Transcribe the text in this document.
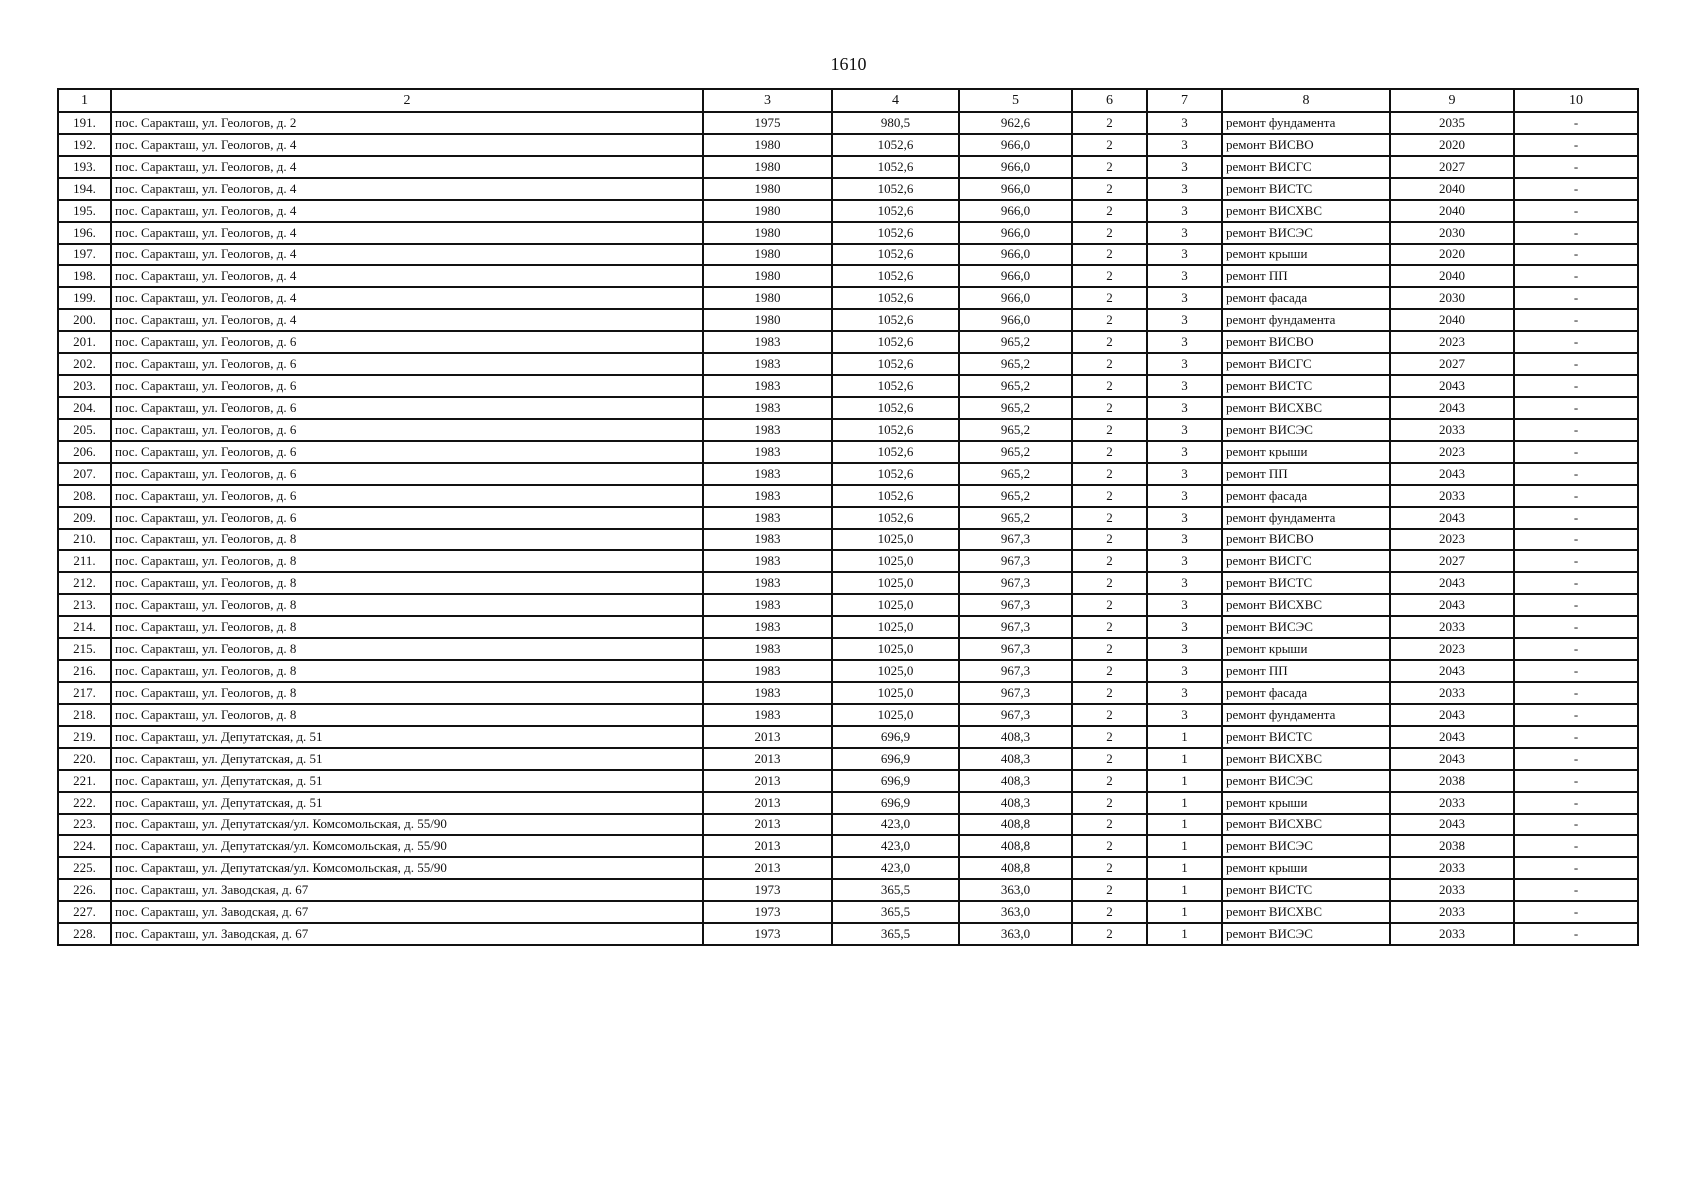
1610
1	2	3	4	5	6	7	8	9	10
191.	пос. Саракташ, ул. Геологов, д. 2	1975	980,5	962,6	2	3	ремонт фундамента	2035	-
192.	пос. Саракташ, ул. Геологов, д. 4	1980	1052,6	966,0	2	3	ремонт ВИСВО	2020	-
193.	пос. Саракташ, ул. Геологов, д. 4	1980	1052,6	966,0	2	3	ремонт ВИСГС	2027	-
194.	пос. Саракташ, ул. Геологов, д. 4	1980	1052,6	966,0	2	3	ремонт ВИСТС	2040	-
195.	пос. Саракташ, ул. Геологов, д. 4	1980	1052,6	966,0	2	3	ремонт ВИСХВС	2040	-
196.	пос. Саракташ, ул. Геологов, д. 4	1980	1052,6	966,0	2	3	ремонт ВИСЭС	2030	-
197.	пос. Саракташ, ул. Геологов, д. 4	1980	1052,6	966,0	2	3	ремонт крыши	2020	-
198.	пос. Саракташ, ул. Геологов, д. 4	1980	1052,6	966,0	2	3	ремонт ПП	2040	-
199.	пос. Саракташ, ул. Геологов, д. 4	1980	1052,6	966,0	2	3	ремонт фасада	2030	-
200.	пос. Саракташ, ул. Геологов, д. 4	1980	1052,6	966,0	2	3	ремонт фундамента	2040	-
201.	пос. Саракташ, ул. Геологов, д. 6	1983	1052,6	965,2	2	3	ремонт ВИСВО	2023	-
202.	пос. Саракташ, ул. Геологов, д. 6	1983	1052,6	965,2	2	3	ремонт ВИСГС	2027	-
203.	пос. Саракташ, ул. Геологов, д. 6	1983	1052,6	965,2	2	3	ремонт ВИСТС	2043	-
204.	пос. Саракташ, ул. Геологов, д. 6	1983	1052,6	965,2	2	3	ремонт ВИСХВС	2043	-
205.	пос. Саракташ, ул. Геологов, д. 6	1983	1052,6	965,2	2	3	ремонт ВИСЭС	2033	-
206.	пос. Саракташ, ул. Геологов, д. 6	1983	1052,6	965,2	2	3	ремонт крыши	2023	-
207.	пос. Саракташ, ул. Геологов, д. 6	1983	1052,6	965,2	2	3	ремонт ПП	2043	-
208.	пос. Саракташ, ул. Геологов, д. 6	1983	1052,6	965,2	2	3	ремонт фасада	2033	-
209.	пос. Саракташ, ул. Геологов, д. 6	1983	1052,6	965,2	2	3	ремонт фундамента	2043	-
210.	пос. Саракташ, ул. Геологов, д. 8	1983	1025,0	967,3	2	3	ремонт ВИСВО	2023	-
211.	пос. Саракташ, ул. Геологов, д. 8	1983	1025,0	967,3	2	3	ремонт ВИСГС	2027	-
212.	пос. Саракташ, ул. Геологов, д. 8	1983	1025,0	967,3	2	3	ремонт ВИСТС	2043	-
213.	пос. Саракташ, ул. Геологов, д. 8	1983	1025,0	967,3	2	3	ремонт ВИСХВС	2043	-
214.	пос. Саракташ, ул. Геологов, д. 8	1983	1025,0	967,3	2	3	ремонт ВИСЭС	2033	-
215.	пос. Саракташ, ул. Геологов, д. 8	1983	1025,0	967,3	2	3	ремонт крыши	2023	-
216.	пос. Саракташ, ул. Геологов, д. 8	1983	1025,0	967,3	2	3	ремонт ПП	2043	-
217.	пос. Саракташ, ул. Геологов, д. 8	1983	1025,0	967,3	2	3	ремонт фасада	2033	-
218.	пос. Саракташ, ул. Геологов, д. 8	1983	1025,0	967,3	2	3	ремонт фундамента	2043	-
219.	пос. Саракташ, ул. Депутатская, д. 51	2013	696,9	408,3	2	1	ремонт ВИСТС	2043	-
220.	пос. Саракташ, ул. Депутатская, д. 51	2013	696,9	408,3	2	1	ремонт ВИСХВС	2043	-
221.	пос. Саракташ, ул. Депутатская, д. 51	2013	696,9	408,3	2	1	ремонт ВИСЭС	2038	-
222.	пос. Саракташ, ул. Депутатская, д. 51	2013	696,9	408,3	2	1	ремонт крыши	2033	-
223.	пос. Саракташ, ул. Депутатская/ул. Комсомольская, д. 55/90	2013	423,0	408,8	2	1	ремонт ВИСХВС	2043	-
224.	пос. Саракташ, ул. Депутатская/ул. Комсомольская, д. 55/90	2013	423,0	408,8	2	1	ремонт ВИСЭС	2038	-
225.	пос. Саракташ, ул. Депутатская/ул. Комсомольская, д. 55/90	2013	423,0	408,8	2	1	ремонт крыши	2033	-
226.	пос. Саракташ, ул. Заводская, д. 67	1973	365,5	363,0	2	1	ремонт ВИСТС	2033	-
227.	пос. Саракташ, ул. Заводская, д. 67	1973	365,5	363,0	2	1	ремонт ВИСХВС	2033	-
228.	пос. Саракташ, ул. Заводская, д. 67	1973	365,5	363,0	2	1	ремонт ВИСЭС	2033	-
